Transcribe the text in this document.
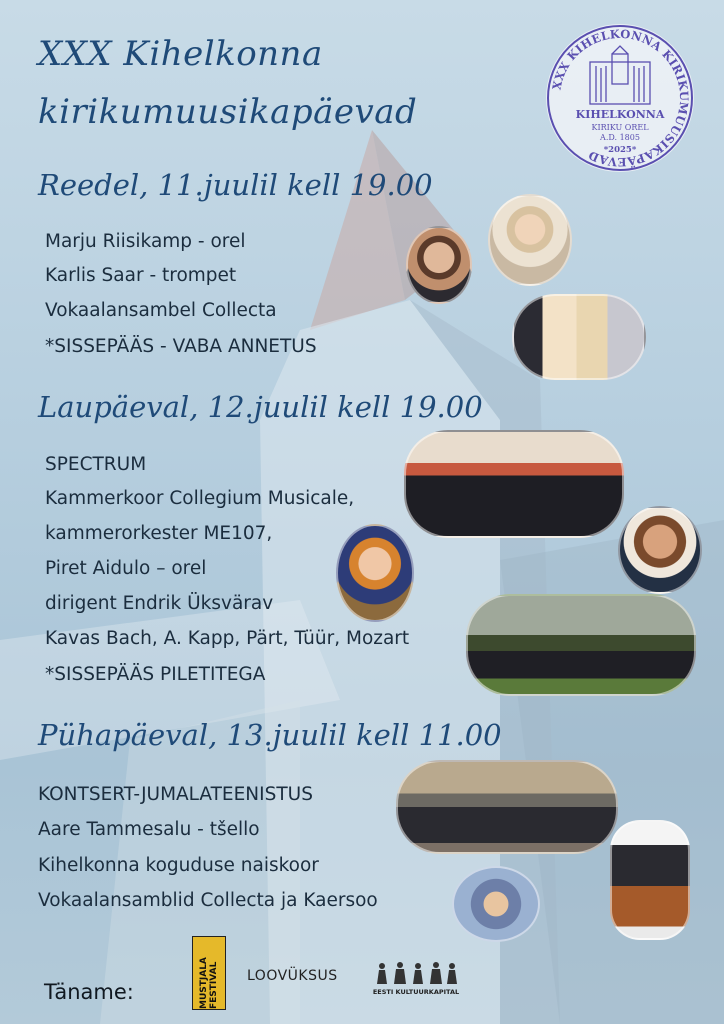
XXX Kihelkonna
kirikumuusikapäevad
XXX KIHELKONNA KIRIKUMUUSIKAPÄEVAD
KIHELKONNA
KIRIKU OREL
A.D. 1805
*2025*
Reedel, 11.juulil kell 19.00
Marju Riisikamp - orel
Karlis Saar - trompet
Vokaalansambel Collecta
*SISSEPÄÄS - VABA ANNETUS
Laupäeval, 12.juulil kell 19.00
SPECTRUM
Kammerkoor Collegium Musicale,
kammerorkester ME107,
Piret Aidulo – orel
dirigent Endrik Üksvärav
Kavas Bach, A. Kapp, Pärt, Tüür, Mozart
*SISSEPÄÄS PILETITEGA
Pühapäeval, 13.juulil kell 11.00
KONTSERT-JUMALATEENISTUS
Aare Tammesalu - tšello
Kihelkonna koguduse naiskoor
Vokaalansamblid Collecta ja Kaersoo
Täname:	MUSTJALA FESTIVAL LOOVÜKSUS
EESTI KULTUURKAPITAL
